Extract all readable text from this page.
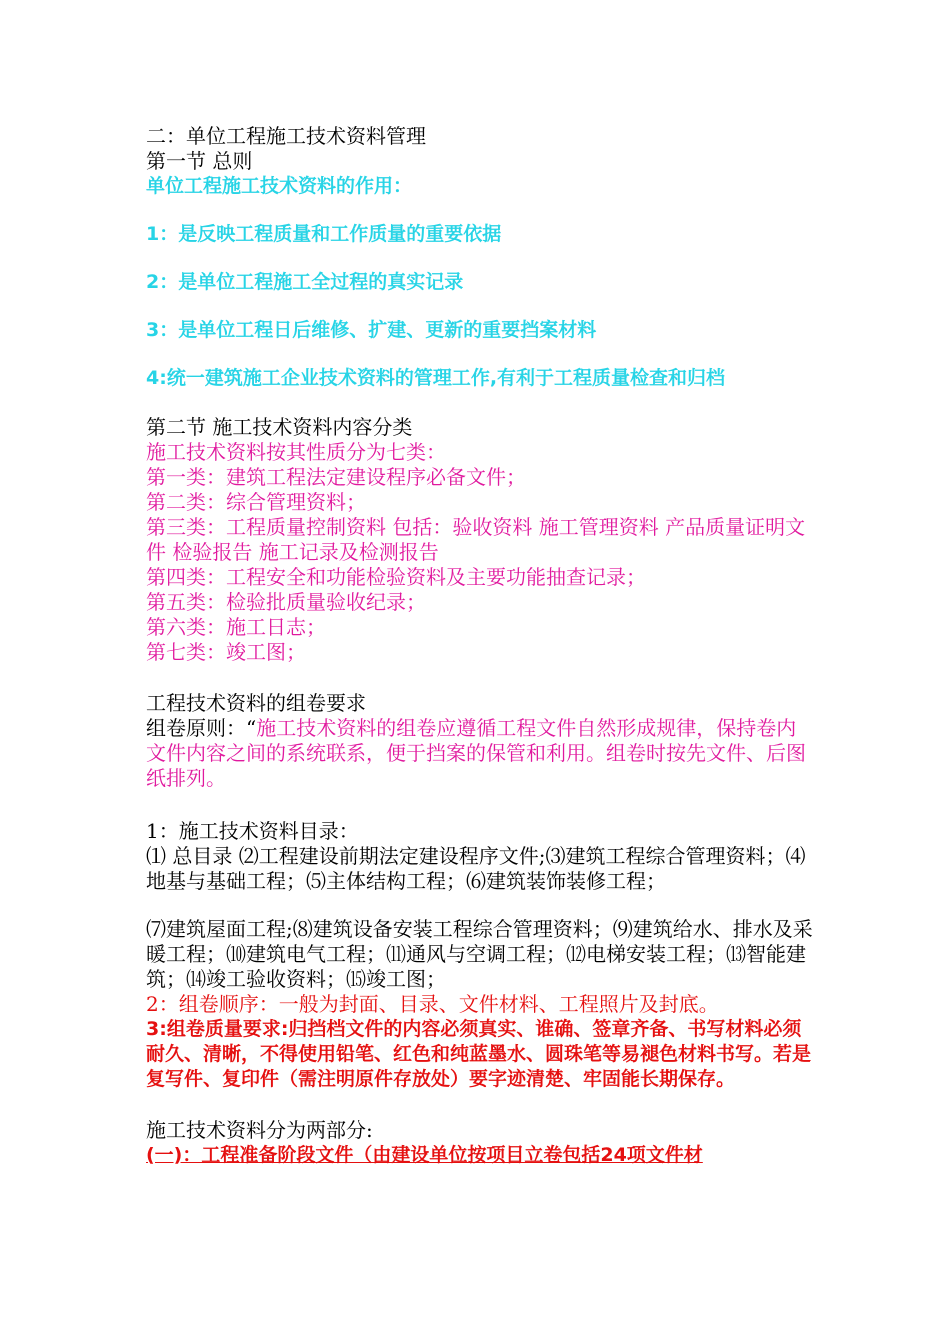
二：单位工程施工技术资料管理

第一节 总则

单位工程施工技术资料的作用：

1：是反映工程质量和工作质量的重要依据

2：是单位工程施工全过程的真实记录

3：是单位工程日后维修、扩建、更新的重要挡案材料

4:统一建筑施工企业技术资料的管理工作,有利于工程质量检查和归档

第二节 施工技术资料内容分类

施工技术资料按其性质分为七类：

第一类：建筑工程法定建设程序必备文件；

第二类：综合管理资料；

第三类：工程质量控制资料 包括：验收资料 施工管理资料 产品质量证明文件 检验报告 施工记录及检测报告

第四类：工程安全和功能检验资料及主要功能抽查记录；

第五类：检验批质量验收纪录；

第六类：施工日志；

第七类：竣工图；

工程技术资料的组卷要求

组卷原则：“施工技术资料的组卷应遵循工程文件自然形成规律，保持卷内文件内容之间的系统联系，便于挡案的保管和利用。组卷时按先文件、后图纸排列。

1：施工技术资料目录：

⑴ 总目录 ⑵工程建设前期法定建设程序文件;⑶建筑工程综合管理资料；⑷地基与基础工程；⑸主体结构工程；⑹建筑装饰装修工程；

⑺建筑屋面工程;⑻建筑设备安装工程综合管理资料；⑼建筑给水、排水及采暖工程；⑽建筑电气工程；⑾通风与空调工程；⑿电梯安装工程；⒀智能建筑；⒁竣工验收资料；⒂竣工图；

2：组卷顺序：一般为封面、目录、文件材料、工程照片及封底。

3:组卷质量要求:归挡档文件的内容必须真实、谁确、签章齐备、书写材料必须耐久、清晰，不得使用铅笔、红色和纯蓝墨水、圆珠笔等易褪色材料书写。若是复写件、复印件（需注明原件存放处）要字迹清楚、牢固能长期保存。

施工技术资料分为两部分:

(一)：工程准备阶段文件（由建设单位按项目立卷包括24项文件材
